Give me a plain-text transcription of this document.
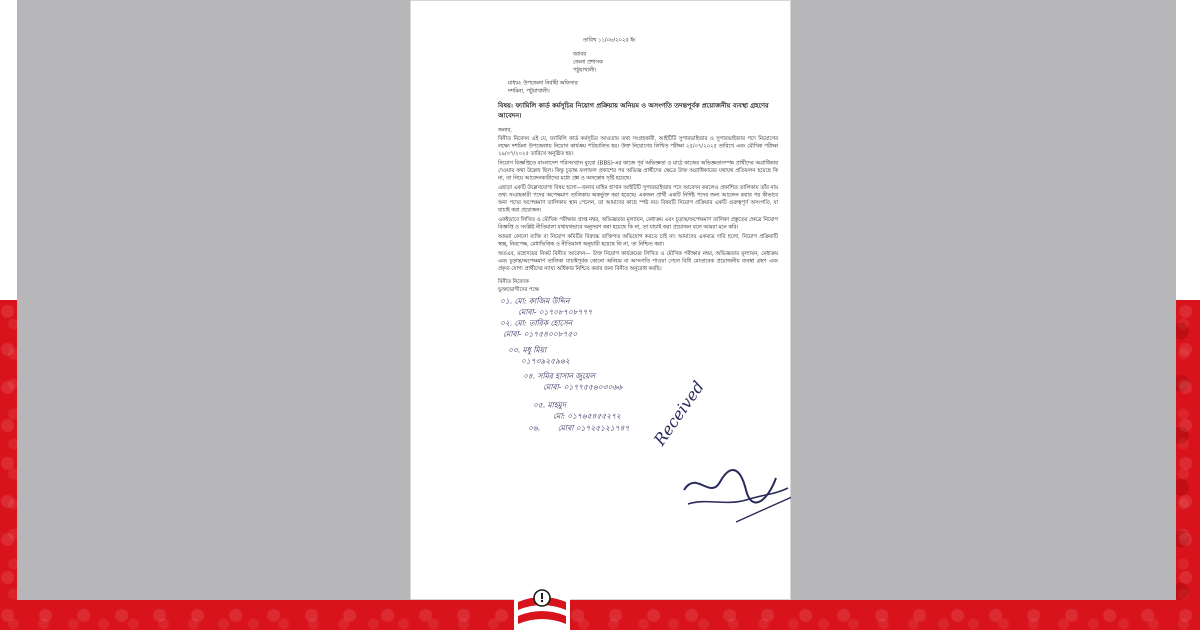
তারিখ ১১/০৮/২০২৫ ইং
বরাবর
জেলা প্রশাসক
পটুয়াখালী।
মাধ্যম: উপজেলা নির্বাহী অফিসার
দশমিনা, পটুয়াখালী।
বিষয়: ফ্যামিলি কার্ড কর্মসূচির নিয়োগ প্রক্রিয়ায় অনিয়ম ও অসংগতি তদন্তপূর্বক প্রয়োজনীয় ব্যবস্থা গ্রহণের আবেদন।
জনাব,

বিনীত নিবেদন এই যে, ফ্যামিলি কার্ড কর্মসূচির আওতায় তথ্য সংগ্রহকারী, আইটিটি সুপারভাইজার ও সুপারভাইজার পদে নিয়োগের লক্ষ্যে দশমিনা উপজেলায় নিয়োগ কার্যক্রম পরিচালিত হয়। উক্ত নিয়োগের লিখিত পরীক্ষা ২৫/০৭/২০২৫ তারিখে এবং মৌখিক পরীক্ষা ২৯/০৭/২০২৫ তারিখে অনুষ্ঠিত হয়।

নিয়োগ বিজ্ঞপ্তিতে বাংলাদেশ পরিসংখ্যান ব্যুরো (BBS)-এর কাজে পূর্ব অভিজ্ঞতা ও মাঠে কাজের অভিজ্ঞতাসম্পন্ন প্রার্থীদের অগ্রাধিকার দেওয়ার কথা উল্লেখ ছিল। কিন্তু চূড়ান্ত ফলাফল প্রকাশের পর অভিজ্ঞ প্রার্থীদের ক্ষেত্রে উক্ত অগ্রাধিকারের যথাযথ প্রতিফলন হয়েছে কি না, তা নিয়ে আবেদনকারীদের মধ্যে প্রশ্ন ও অসন্তোষ সৃষ্টি হয়েছে।

এছাড়া একটি উল্লেখযোগ্য বিষয় হলো—জনাব মাহিম হাসান আইটিটি সুপারভাইজার পদে আবেদন করলেও প্রকাশিত তালিকায় তাঁর নাম তথ্য সংগ্রহকারী পদের অপেক্ষমাণ তালিকায় অন্তর্ভুক্ত করা হয়েছে। একজন প্রার্থী একটি নির্দিষ্ট পদের জন্য আবেদন করার পর কীভাবে অন্য পদের অপেক্ষমাণ তালিকায় স্থান পেলেন, তা আমাদের কাছে স্পষ্ট নয়। বিষয়টি নিয়োগ প্রক্রিয়ার একটি গুরুত্বপূর্ণ অসংগতি, যা যাচাই করা প্রয়োজন।

একইভাবে লিখিত ও মৌখিক পরীক্ষার প্রাপ্ত নম্বর, অভিজ্ঞতার মূল্যায়ন, মেধাক্রম এবং চূড়ান্ত/অপেক্ষমাণ তালিকা প্রস্তুতের ক্ষেত্রে নিয়োগ বিজ্ঞপ্তি ও সংশ্লিষ্ট নীতিমালা যথাযথভাবে অনুসরণ করা হয়েছে কি না, তা যাচাই করা প্রয়োজন বলে আমরা মনে করি।

আমরা কোনো ব্যক্তি বা নিয়োগ কমিটির বিরুদ্ধে ব্যক্তিগত অভিযোগ করতে চাই না। আমাদের একমাত্র দাবি হলো, নিয়োগ প্রক্রিয়াটি স্বচ্ছ, নিরপেক্ষ, মেধাভিত্তিক ও নীতিমালা অনুযায়ী হয়েছে কি না, তা নিশ্চিত করা।

অতএব, মহোদয়ের নিকট বিনীত আবেদন— উক্ত নিয়োগ কার্যক্রমের লিখিত ও মৌখিক পরীক্ষার নম্বর, অভিজ্ঞতার মূল্যায়ন, মেধাক্রম এবং চূড়ান্ত/অপেক্ষমাণ তালিকা যাচাইপূর্বক কোনো অনিয়ম বা অসংগতি পাওয়া গেলে বিধি মোতাবেক প্রয়োজনীয় ব্যবস্থা গ্রহণ এবং প্রকৃত যোগ্য প্রার্থীদের ন্যায্য অধিকার নিশ্চিত করার জন্য বিনীত অনুরোধ করছি।

বিনীত নিবেদক
ভুক্তভোগীদের পক্ষে
০১. মো: কাজিম উদ্দিন
মোবা- ০১৭০৮৭০৮৭৭৭
০২. মো: তারিক হোসেন
মোবা- ০১৭৫৪০০৮৭৫০
০৩. মধু মিয়া
০১৭৩৯২৫৯৬২
০৪. সমির হাসান জুয়েল
মোবা- ০১৭৭৫৫৬০৩০৬৬
০৫. মাহমুদ
মো: ০১৭৬৫৪৫৫২৭২
০৬. মোবা ০১৭২৫১২১৭৪৭	Received
